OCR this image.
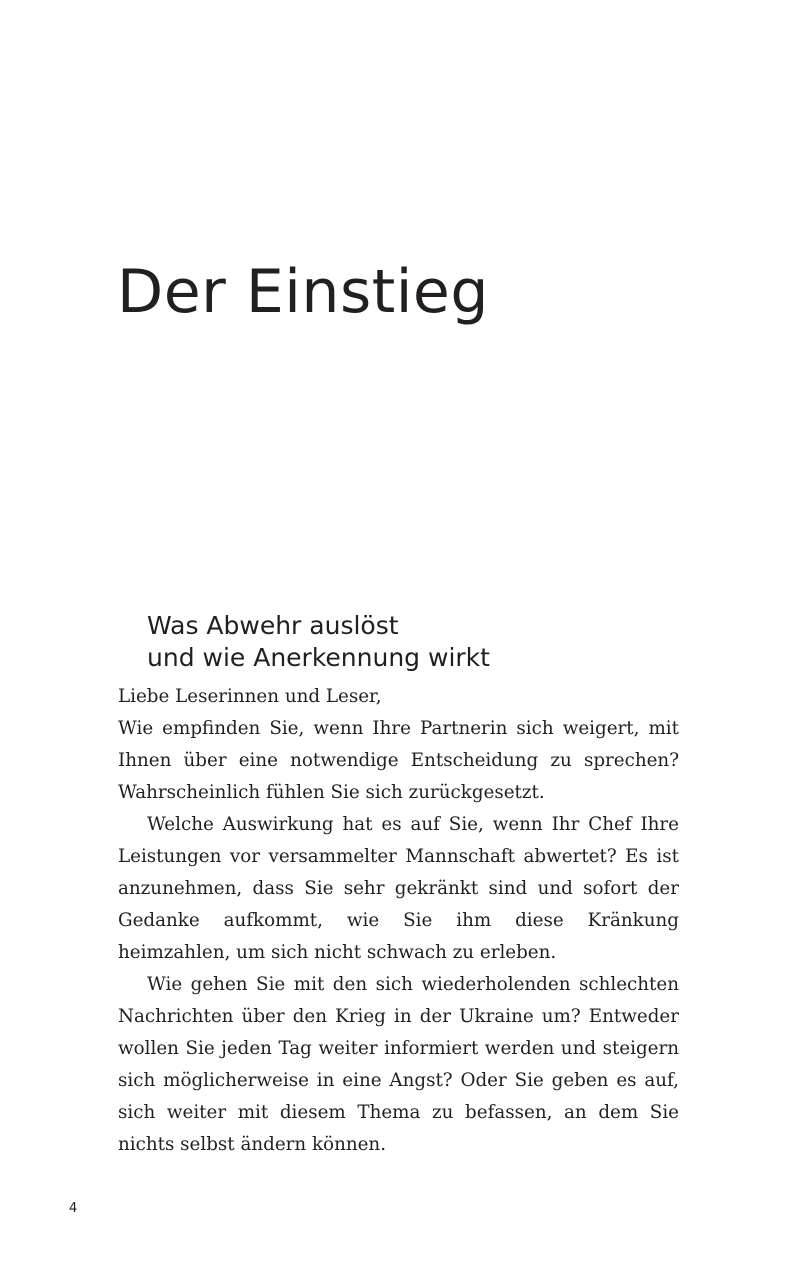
Der Einstieg
Was Abwehr auslöst
und wie Anerkennung wirkt

Liebe Leserinnen und Leser,

Wie empfinden Sie, wenn Ihre Partnerin sich weigert, mit Ihnen über eine notwendige Entscheidung zu sprechen? Wahrscheinlich fühlen Sie sich zurückgesetzt.

Welche Auswirkung hat es auf Sie, wenn Ihr Chef Ihre Leistungen vor versammelter Mannschaft abwertet? Es ist anzunehmen, dass Sie sehr gekränkt sind und sofort der Gedanke aufkommt, wie Sie ihm diese Kränkung heimzahlen, um sich nicht schwach zu erleben.

Wie gehen Sie mit den sich wiederholenden schlechten Nachrichten über den Krieg in der Ukraine um? Entweder wollen Sie jeden Tag weiter informiert werden und steigern sich möglicherweise in eine Angst? Oder Sie geben es auf, sich weiter mit diesem Thema zu befassen, an dem Sie nichts selbst ändern können.

4
